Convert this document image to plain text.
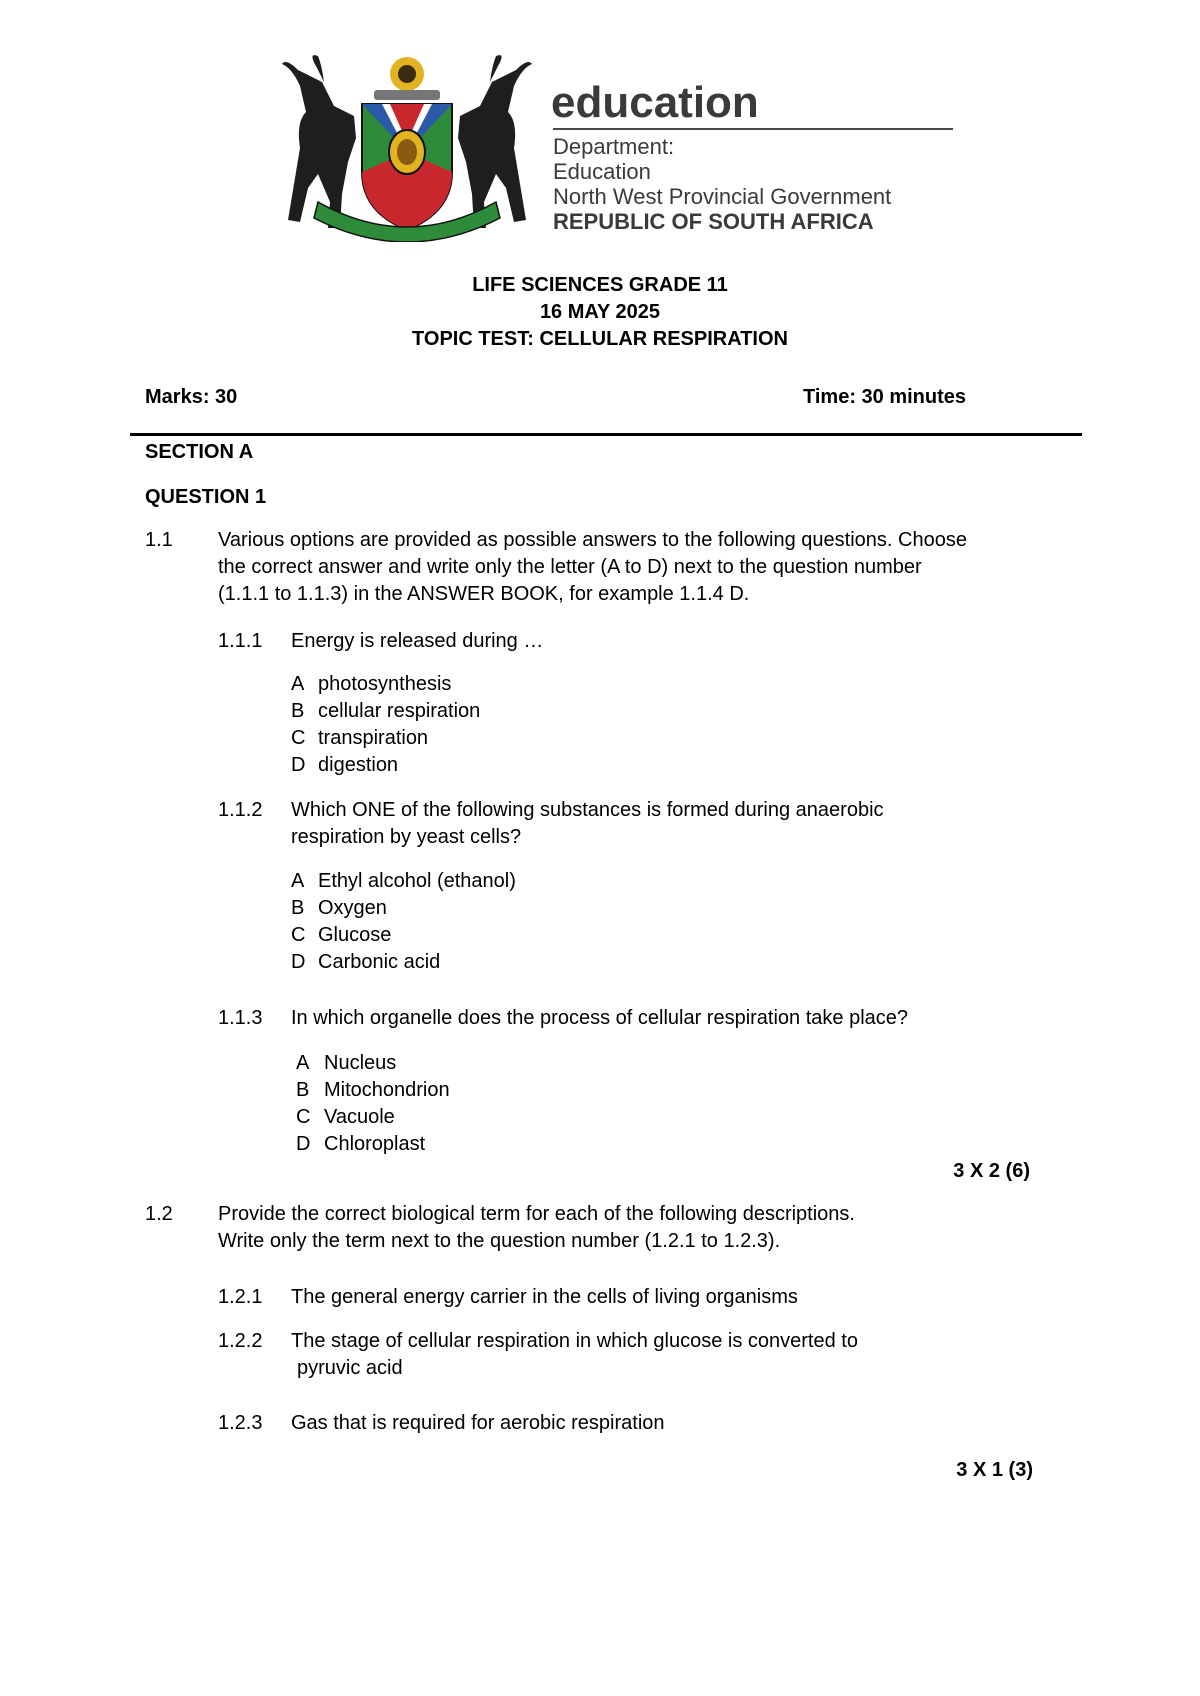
education
Department:
Education
North West Provincial Government
REPUBLIC OF SOUTH AFRICA
LIFE SCIENCES GRADE 11
16 MAY 2025
TOPIC TEST: CELLULAR RESPIRATION
Marks: 30	Time: 30 minutes
SECTION A
QUESTION 1
1.1 Various options are provided as possible answers to the following questions. Choose
the correct answer and write only the letter (A to D) next to the question number
(1.1.1 to 1.1.3) in the ANSWER BOOK, for example 1.1.4 D.
1.1.1 Energy is released during …
A photosynthesis
B cellular respiration
C transpiration
D digestion
1.1.2 Which ONE of the following substances is formed during anaerobic
respiration by yeast cells?
A Ethyl alcohol (ethanol)
B Oxygen
C Glucose
D Carbonic acid
1.1.3 In which organelle does the process of cellular respiration take place?
A Nucleus
B Mitochondrion
C Vacuole
D Chloroplast
3 X 2 (6)
1.2 Provide the correct biological term for each of the following descriptions.
Write only the term next to the question number (1.2.1 to 1.2.3).
1.2.1 The general energy carrier in the cells of living organisms
1.2.2 The stage of cellular respiration in which glucose is converted to
pyruvic acid
1.2.3 Gas that is required for aerobic respiration
3 X 1 (3)
